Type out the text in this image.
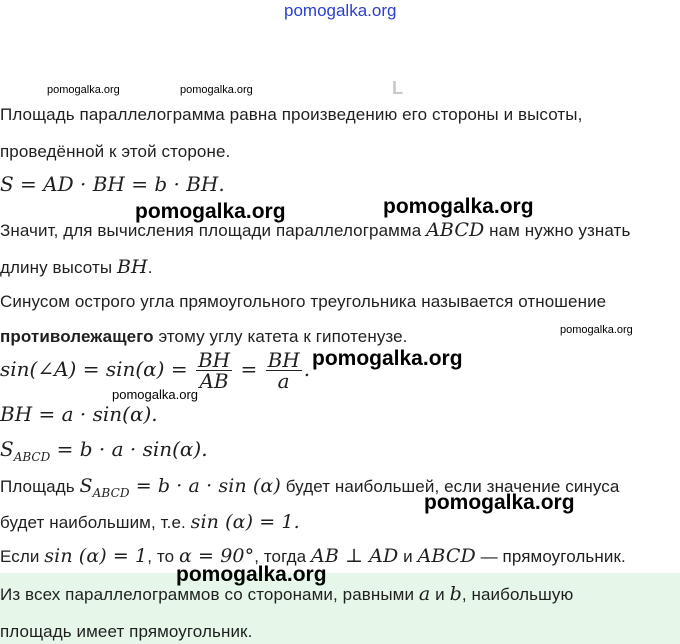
pomogalka.org
pomogalka.org	pomogalka.org	L
Площадь параллелограмма равна произведению его стороны и высоты,
проведённой к этой стороне.
S = AD · BH = b · BH.
pomogalka.org	pomogalka.org
Значит, для вычисления площади параллелограмма ABCD нам нужно узнать
длину высоты BH.
Синусом острого угла прямоугольного треугольника называется отношение
противолежащего этому углу катета к гипотенузе.	pomogalka.org
sin(∠A) = $\sin(\alpha) = \frac{BH}{AB} = \frac{BH}{a}$ . pomogalka.org
pomogalka.org
BH = a · sin(α).
$S_{ABCD} = b \cdot a \cdot \sin(\alpha)$.
Площадь $S_{ABCD} = b \cdot a \cdot \sin (\alpha)$ будет наибольшей, если значение синуса
pomogalka.org
будет наибольшим, т.е. sin (α) = 1.
Если sin (α) = 1, то α = 90°, тогда AB ⊥ AD и ABCD — прямоугольник.
pomogalka.org
Из всех параллелограммов со сторонами, равными a и b, наибольшую
площадь имеет прямоугольник.
